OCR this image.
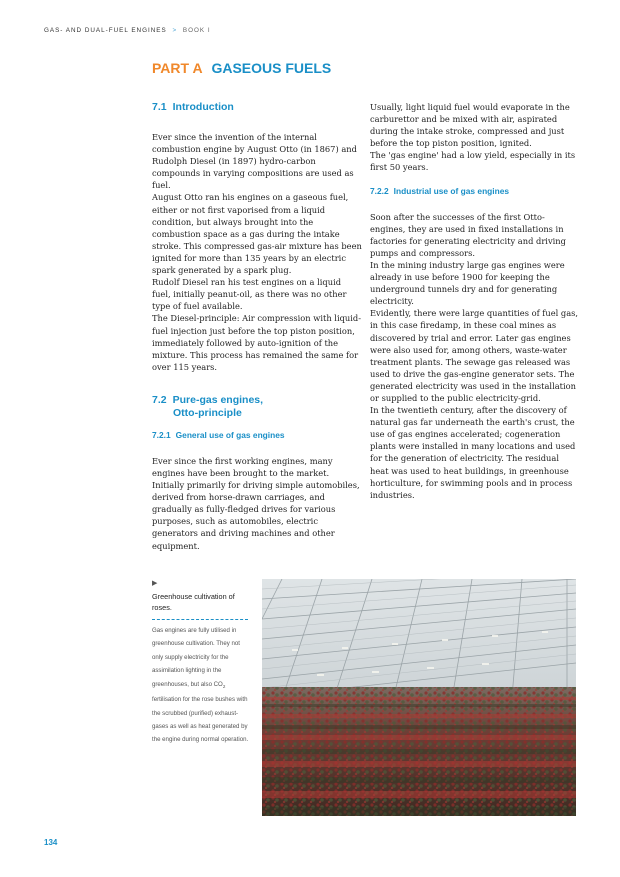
GAS- AND DUAL-FUEL ENGINES > BOOK I
PART A GASEOUS FUELS
7.1 Introduction

Ever since the invention of the internal combustion engine by August Otto (in 1867) and Rudolph Diesel (in 1897) hydro-carbon compounds in varying compositions are used as fuel.

August Otto ran his engines on a gaseous fuel, either or not first vaporised from a liquid condition, but always brought into the combustion space as a gas during the intake stroke. This compressed gas-air mixture has been ignited for more than 135 years by an electric spark generated by a spark plug.

Rudolf Diesel ran his test engines on a liquid fuel, initially peanut-oil, as there was no other type of fuel available.

The Diesel-principle: Air compression with liquid-fuel injection just before the top piston position, immediately followed by auto-ignition of the mixture. This process has remained the same for over 115 years.

7.2 Pure-gas engines,
Otto-principle
7.2.1 General use of gas engines

Ever since the first working engines, many engines have been brought to the market. Initially primarily for driving simple automobiles, derived from horse-drawn carriages, and gradually as fully-fledged drives for various purposes, such as automobiles, electric generators and driving machines and other equipment.

Usually, light liquid fuel would evaporate in the carburettor and be mixed with air, aspirated during the intake stroke, compressed and just before the top piston position, ignited.

The 'gas engine' had a low yield, especially in its first 50 years.

7.2.2 Industrial use of gas engines

Soon after the successes of the first Otto-engines, they are used in fixed installations in factories for generating electricity and driving pumps and compressors.

In the mining industry large gas engines were already in use before 1900 for keeping the underground tunnels dry and for generating electricity.

Evidently, there were large quantities of fuel gas, in this case firedamp, in these coal mines as discovered by trial and error. Later gas engines were also used for, among others, waste-water treatment plants. The sewage gas released was used to drive the gas-engine generator sets. The generated electricity was used in the installation or supplied to the public electricity-grid.

In the twentieth century, after the discovery of natural gas far underneath the earth's crust, the use of gas engines accelerated; cogeneration plants were installed in many locations and used for the generation of electricity. The residual heat was used to heat buildings, in greenhouse horticulture, for swimming pools and in process industries.

▶
Greenhouse cultivation of roses.
Gas engines are fully utilised in greenhouse cultivation. They not only supply electricity for the assimilation lighting in the greenhouses, but also $CO_2$ fertilisation for the rose bushes with the scrubbed (purified) exhaust-gases as well as heat generated by the engine during normal operation.
134
